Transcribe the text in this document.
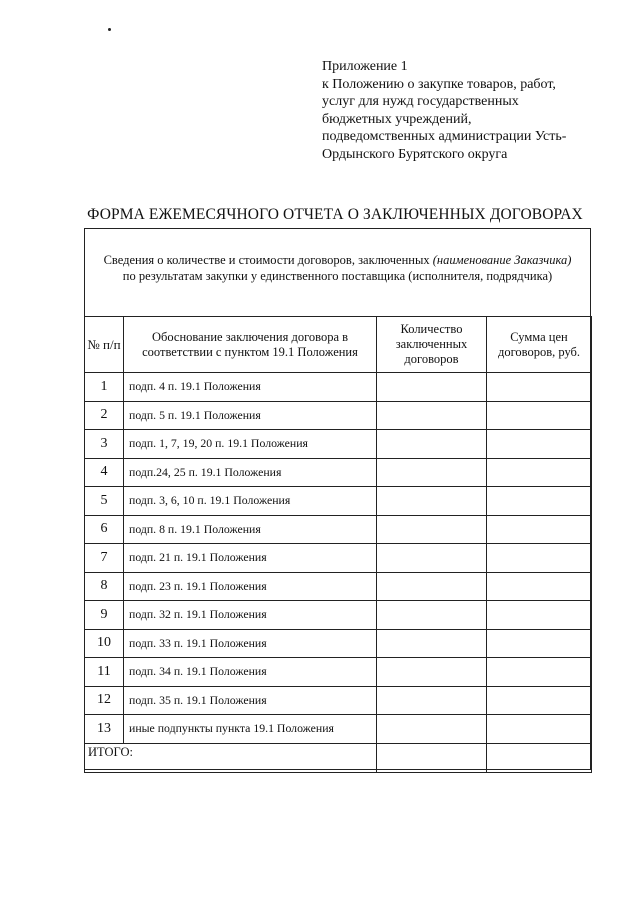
Приложение 1
к Положению о закупке товаров, работ,
услуг для нужд государственных
бюджетных учреждений,
подведомственных администрации Усть-
Ордынского Бурятского округа
ФОРМА ЕЖЕМЕСЯЧНОГО ОТЧЕТА О ЗАКЛЮЧЕННЫХ ДОГОВОРАХ
Сведения о количестве и стоимости договоров, заключенных (наименование Заказчика)
по результатам закупки у единственного поставщика (исполнителя, подрядчика)
№ п/п	Обоснование заключения договора в соответствии с пунктом 19.1 Положения	Количество заключенных договоров	Сумма цен договоров, руб.
1	подп. 4 п. 19.1 Положения		
2	подп. 5 п. 19.1 Положения		
3	подп. 1, 7, 19, 20 п. 19.1 Положения		
4	подп.24, 25 п. 19.1 Положения		
5	подп. 3, 6, 10 п. 19.1 Положения		
6	подп. 8 п. 19.1 Положения		
7	подп. 21 п. 19.1 Положения		
8	подп. 23 п. 19.1 Положения		
9	подп. 32 п. 19.1 Положения		
10	подп. 33 п. 19.1 Положения		
11	подп. 34 п. 19.1 Положения		
12	подп. 35 п. 19.1 Положения		
13	иные подпункты пункта 19.1 Положения		
ИТОГО:			
